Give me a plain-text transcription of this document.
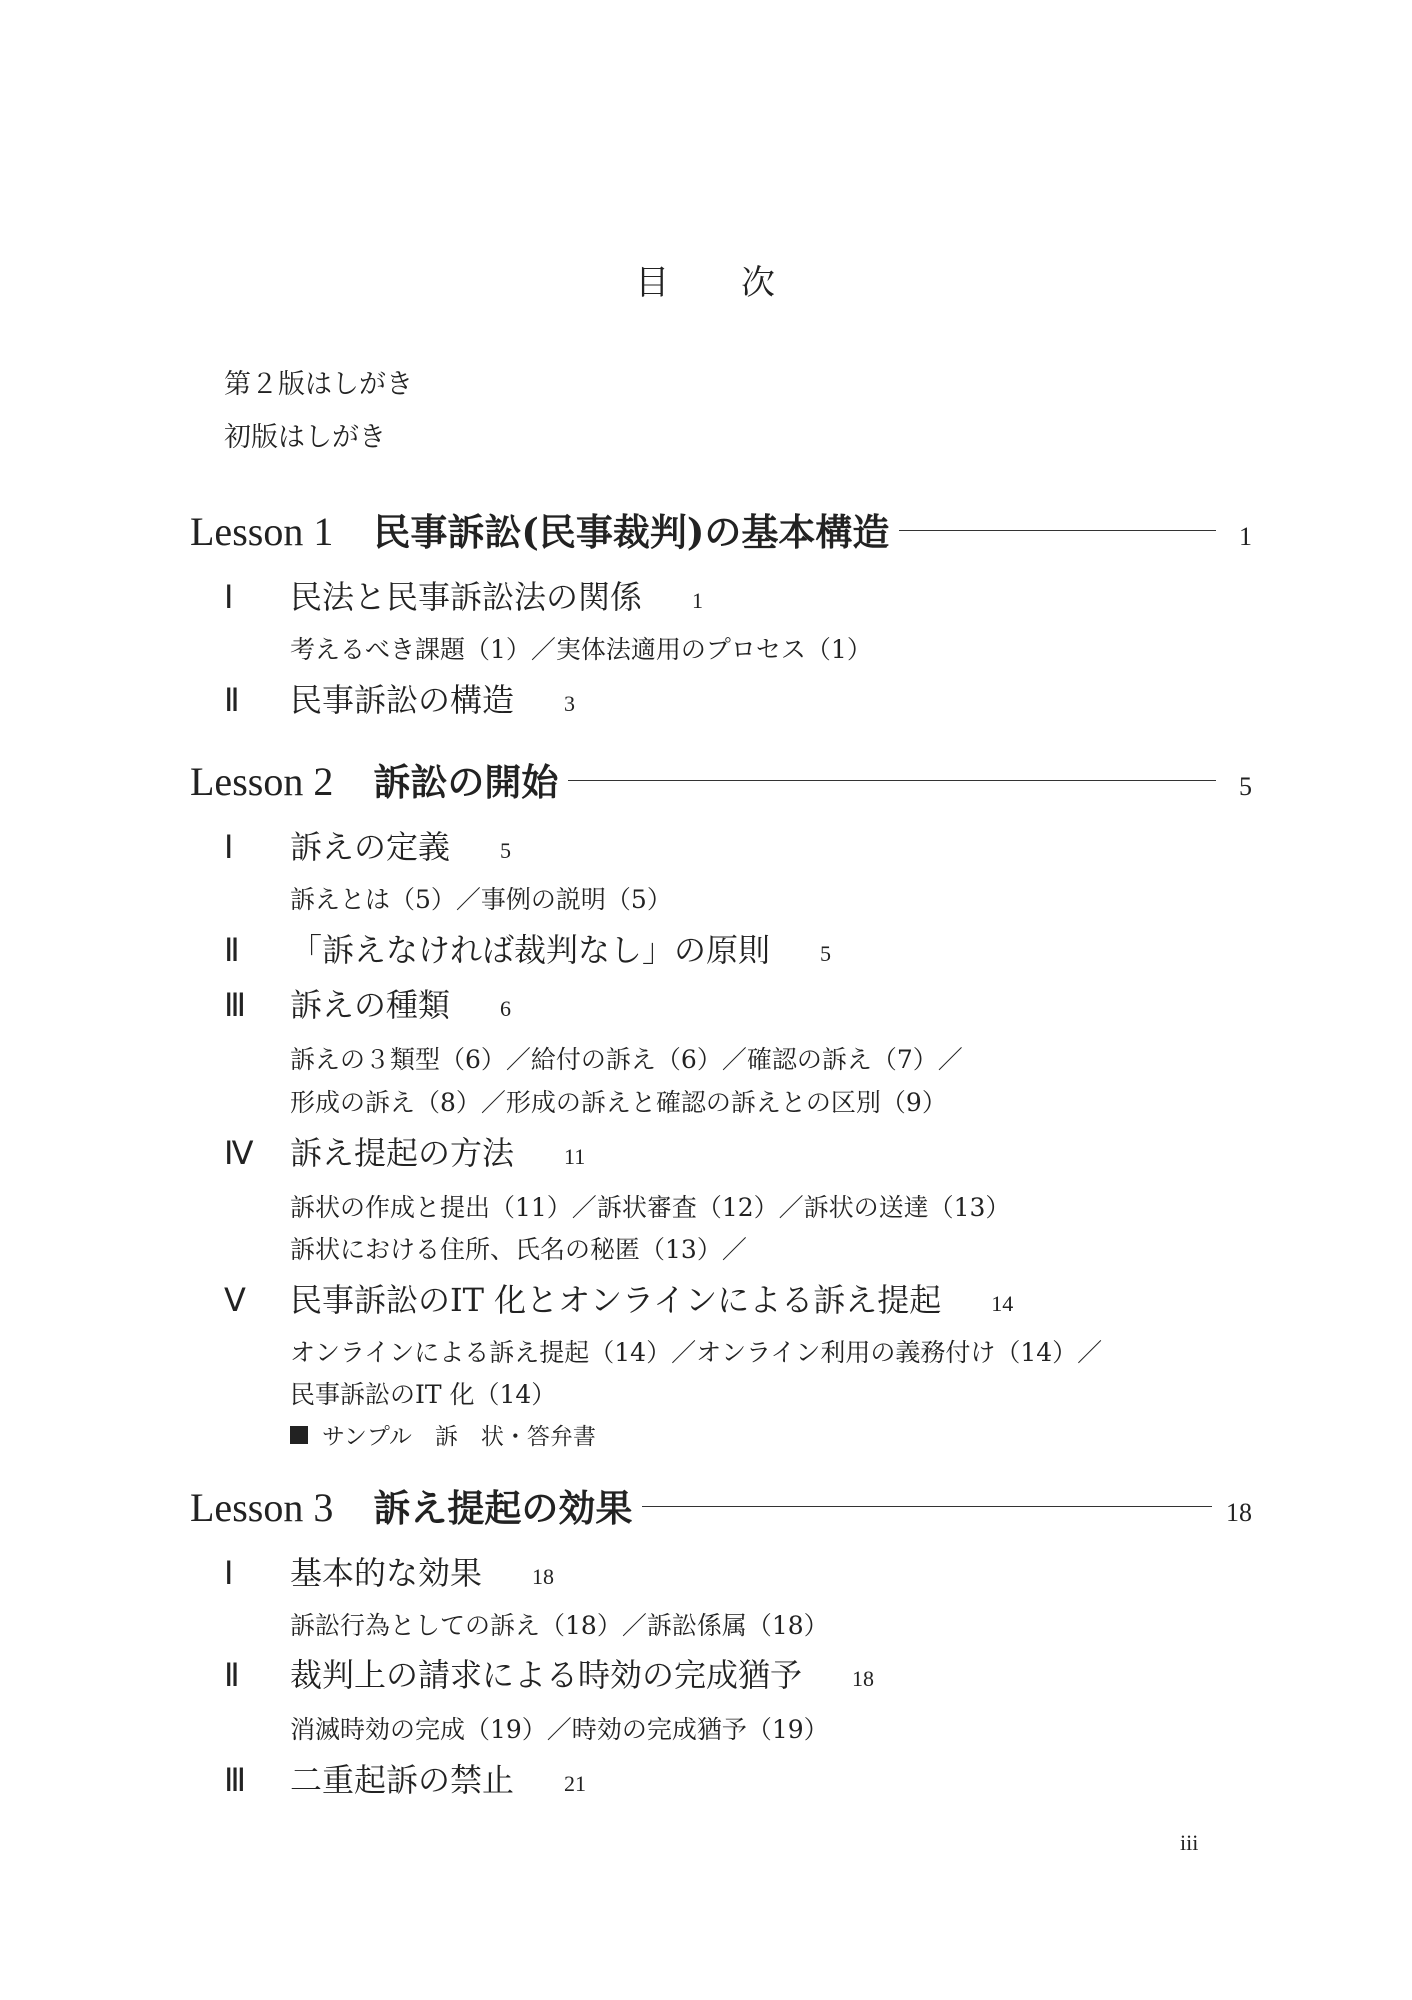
目 次
第２版はしがき
初版はしがき
Lesson 1 民事訴訟(民事裁判)の基本構造	1
Ⅰ	民法と民事訴訟法の関係 1
考えるべき課題（1）／実体法適用のプロセス（1）
Ⅱ	民事訴訟の構造 3
Lesson 2 訴訟の開始	5
Ⅰ	訴えの定義 5
訴えとは（5）／事例の説明（5）
Ⅱ	「訴えなければ裁判なし」の原則 5
Ⅲ	訴えの種類 6
訴えの３類型（6）／給付の訴え（6）／確認の訴え（7）／
形成の訴え（8）／形成の訴えと確認の訴えとの区別（9）
Ⅳ	訴え提起の方法 11
訴状の作成と提出（11）／訴状審査（12）／訴状の送達（13）
訴状における住所、氏名の秘匿（13）／
Ⅴ	民事訴訟のIT 化とオンラインによる訴え提起 14
オンラインによる訴え提起（14）／オンライン利用の義務付け（14）／
民事訴訟のIT 化（14）
サンプル　訴　状・答弁書
Lesson 3 訴え提起の効果	18
Ⅰ	基本的な効果 18
訴訟行為としての訴え（18）／訴訟係属（18）
Ⅱ	裁判上の請求による時効の完成猶予 18
消滅時効の完成（19）／時効の完成猶予（19）
Ⅲ	二重起訴の禁止 21
iii
